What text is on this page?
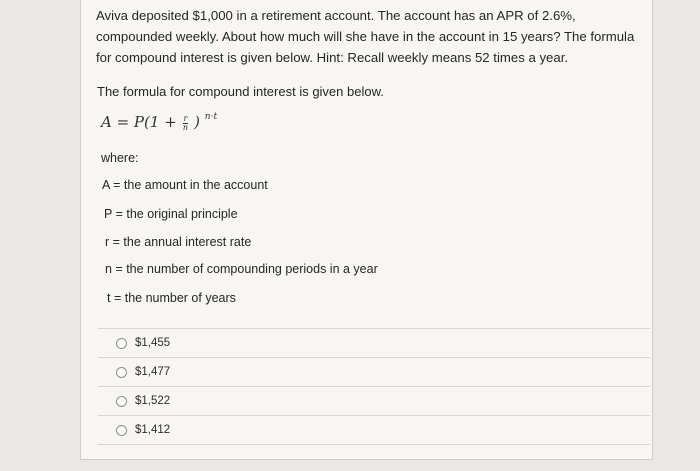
Aviva deposited $1,000 in a retirement account. The account has an APR of 2.6%, compounded weekly. About how much will she have in the account in 15 years? The formula for compound interest is given below. Hint: Recall weekly means 52 times a year.
The formula for compound interest is given below.
$A = P(1 + \frac{r}{n}$ ) $^{n\cdot t}$
where:
A = the amount in the account
P = the original principle
r = the annual interest rate
n = the number of compounding periods in a year
t = the number of years
$1,455
$1,477
$1,522
$1,412
